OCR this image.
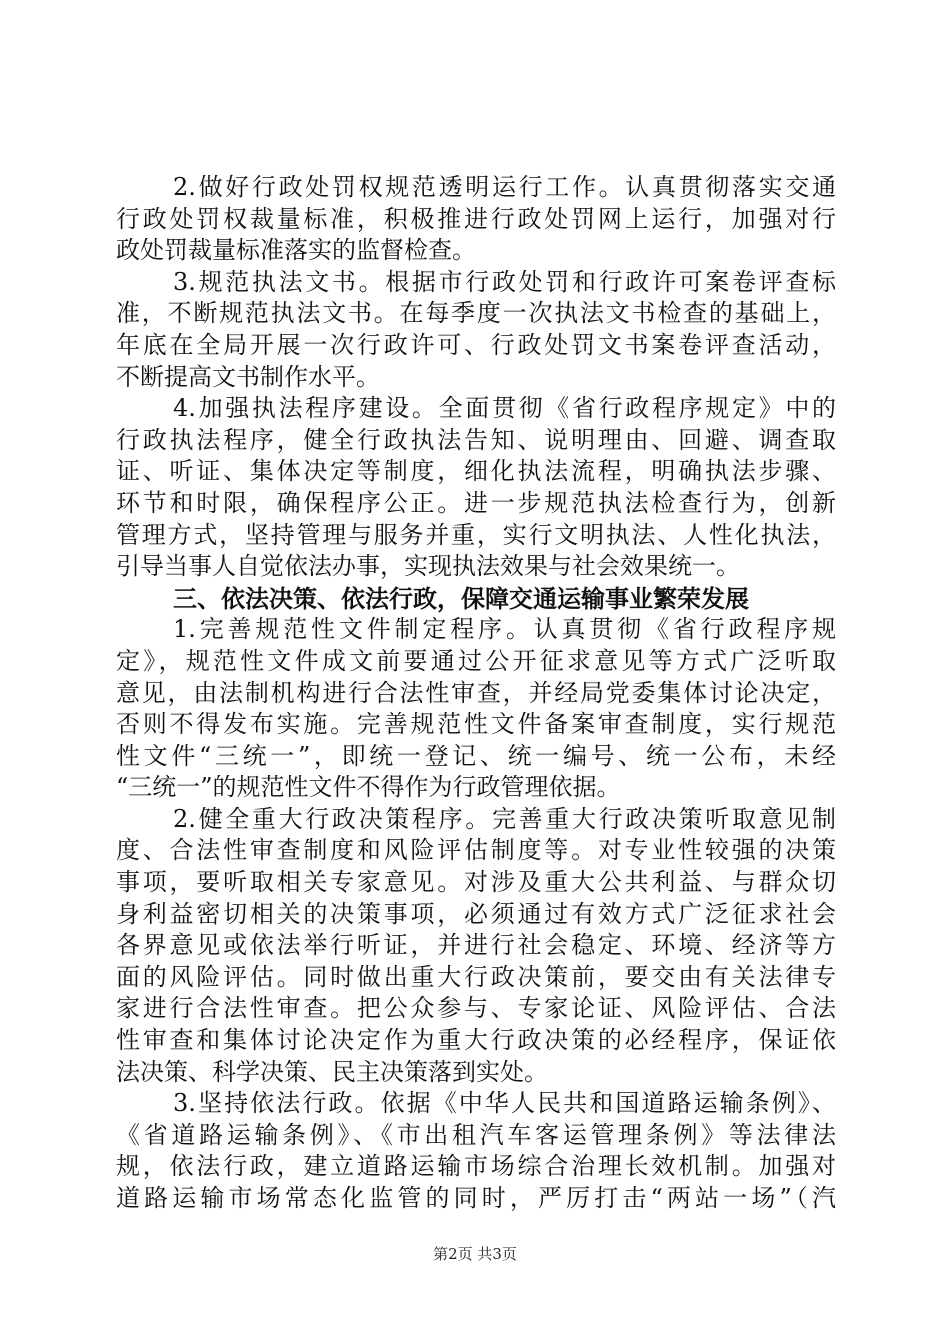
2.做好行政处罚权规范透明运行工作。认真贯彻落实交通
行政处罚权裁量标准，积极推进行政处罚网上运行，加强对行
政处罚裁量标准落实的监督检查。
3.规范执法文书。根据市行政处罚和行政许可案卷评查标
准，不断规范执法文书。在每季度一次执法文书检查的基础上，
年底在全局开展一次行政许可、行政处罚文书案卷评查活动，
不断提高文书制作水平。
4.加强执法程序建设。全面贯彻《省行政程序规定》中的
行政执法程序，健全行政执法告知、说明理由、回避、调查取
证、听证、集体决定等制度，细化执法流程，明确执法步骤、
环节和时限，确保程序公正。进一步规范执法检查行为，创新
管理方式，坚持管理与服务并重，实行文明执法、人性化执法，
引导当事人自觉依法办事，实现执法效果与社会效果统一。
三、依法决策、依法行政，保障交通运输事业繁荣发展
1.完善规范性文件制定程序。认真贯彻《省行政程序规
定》，规范性文件成文前要通过公开征求意见等方式广泛听取
意见，由法制机构进行合法性审查，并经局党委集体讨论决定，
否则不得发布实施。完善规范性文件备案审查制度，实行规范
性文件“三统一”，即统一登记、统一编号、统一公布，未经
“三统一”的规范性文件不得作为行政管理依据。
2.健全重大行政决策程序。完善重大行政决策听取意见制
度、合法性审查制度和风险评估制度等。对专业性较强的决策
事项，要听取相关专家意见。对涉及重大公共利益、与群众切
身利益密切相关的决策事项，必须通过有效方式广泛征求社会
各界意见或依法举行听证，并进行社会稳定、环境、经济等方
面的风险评估。同时做出重大行政决策前，要交由有关法律专
家进行合法性审查。把公众参与、专家论证、风险评估、合法
性审查和集体讨论决定作为重大行政决策的必经程序，保证依
法决策、科学决策、民主决策落到实处。
3.坚持依法行政。依据《中华人民共和国道路运输条例》、
《省道路运输条例》、《市出租汽车客运管理条例》等法律法
规，依法行政，建立道路运输市场综合治理长效机制。加强对
道路运输市场常态化监管的同时，严厉打击“两站一场”（汽
第2页 共3页
